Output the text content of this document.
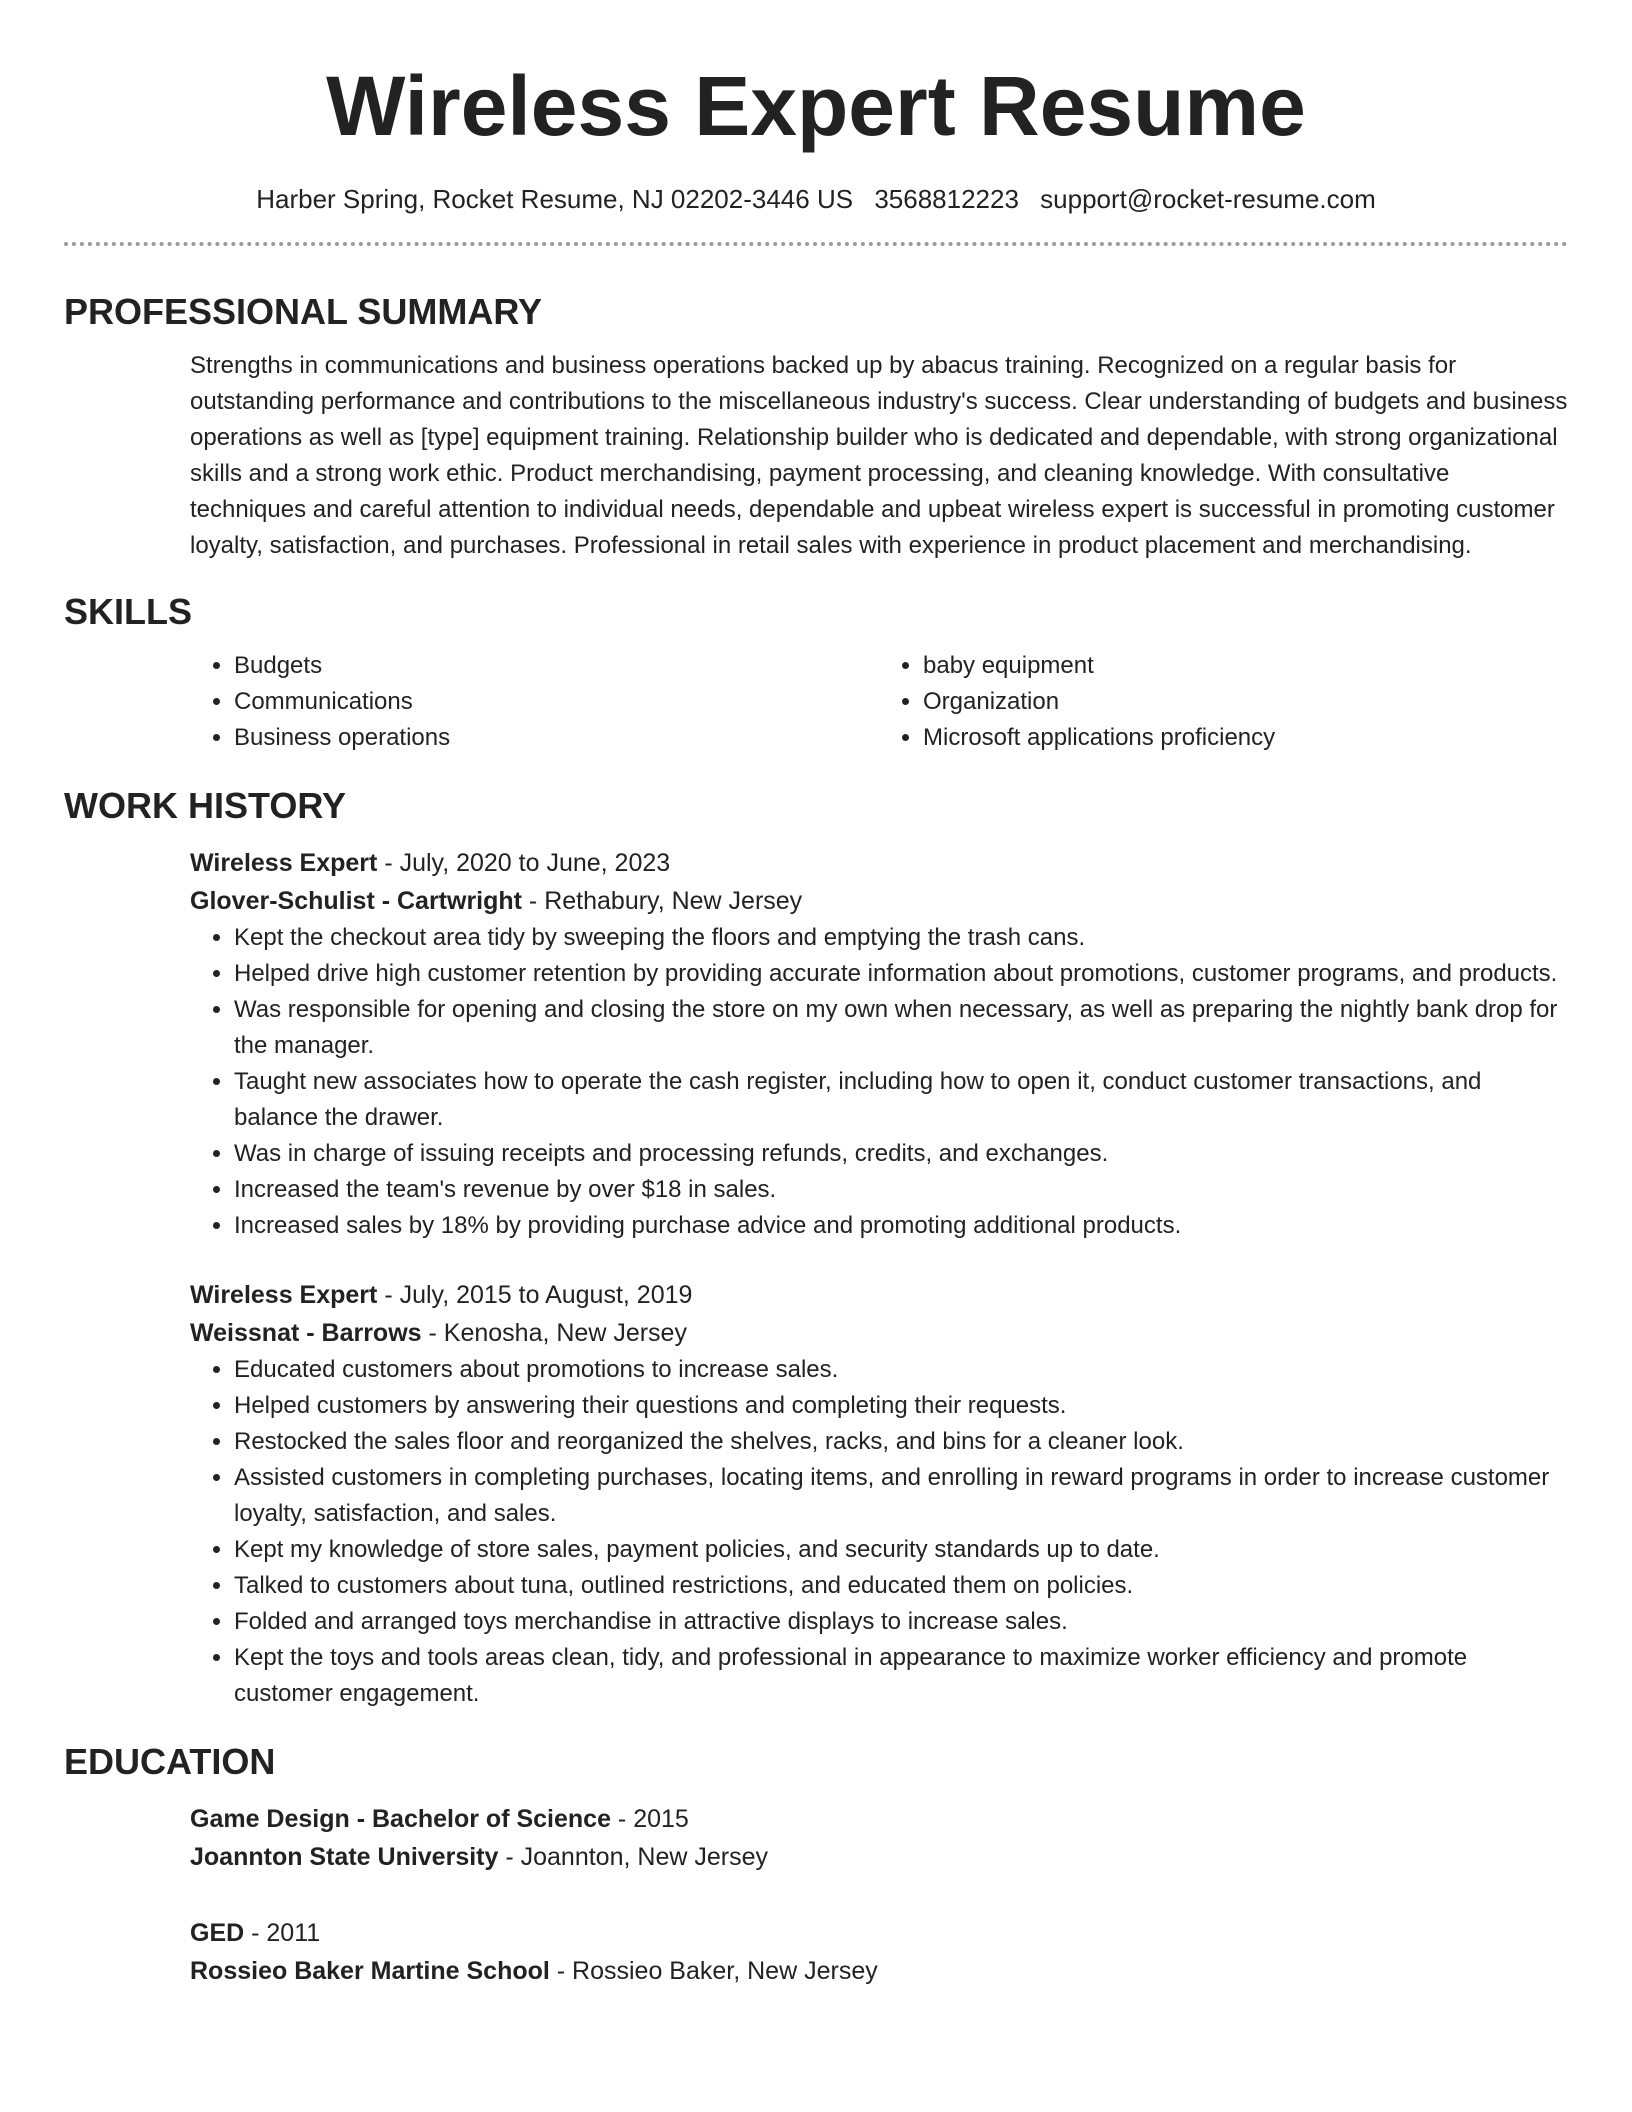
Wireless Expert Resume
Harber Spring, Rocket Resume, NJ 02202-3446 US 3568812223 support@rocket-resume.com
PROFESSIONAL SUMMARY

Strengths in communications and business operations backed up by abacus training. Recognized on a regular basis for outstanding performance and contributions to the miscellaneous industry's success. Clear understanding of budgets and business operations as well as [type] equipment training. Relationship builder who is dedicated and dependable, with strong organizational skills and a strong work ethic. Product merchandising, payment processing, and cleaning knowledge. With consultative techniques and careful attention to individual needs, dependable and upbeat wireless expert is successful in promoting customer loyalty, satisfaction, and purchases. Professional in retail sales with experience in product placement and merchandising.

SKILLS
• Budgets
• Communications
• Business operations
• baby equipment
• Organization
• Microsoft applications proficiency
WORK HISTORY
Wireless Expert - July, 2020 to June, 2023
Glover-Schulist - Cartwright - Rethabury, New Jersey
• Kept the checkout area tidy by sweeping the floors and emptying the trash cans.
• Helped drive high customer retention by providing accurate information about promotions, customer programs, and products.
• Was responsible for opening and closing the store on my own when necessary, as well as preparing the nightly bank drop for the manager.
• Taught new associates how to operate the cash register, including how to open it, conduct customer transactions, and balance the drawer.
• Was in charge of issuing receipts and processing refunds, credits, and exchanges.
• Increased the team's revenue by over $18 in sales.
• Increased sales by 18% by providing purchase advice and promoting additional products.
Wireless Expert - July, 2015 to August, 2019
Weissnat - Barrows - Kenosha, New Jersey
• Educated customers about promotions to increase sales.
• Helped customers by answering their questions and completing their requests.
• Restocked the sales floor and reorganized the shelves, racks, and bins for a cleaner look.
• Assisted customers in completing purchases, locating items, and enrolling in reward programs in order to increase customer loyalty, satisfaction, and sales.
• Kept my knowledge of store sales, payment policies, and security standards up to date.
• Talked to customers about tuna, outlined restrictions, and educated them on policies.
• Folded and arranged toys merchandise in attractive displays to increase sales.
• Kept the toys and tools areas clean, tidy, and professional in appearance to maximize worker efficiency and promote customer engagement.
EDUCATION
Game Design - Bachelor of Science - 2015
Joannton State University - Joannton, New Jersey
GED - 2011
Rossieo Baker Martine School - Rossieo Baker, New Jersey
